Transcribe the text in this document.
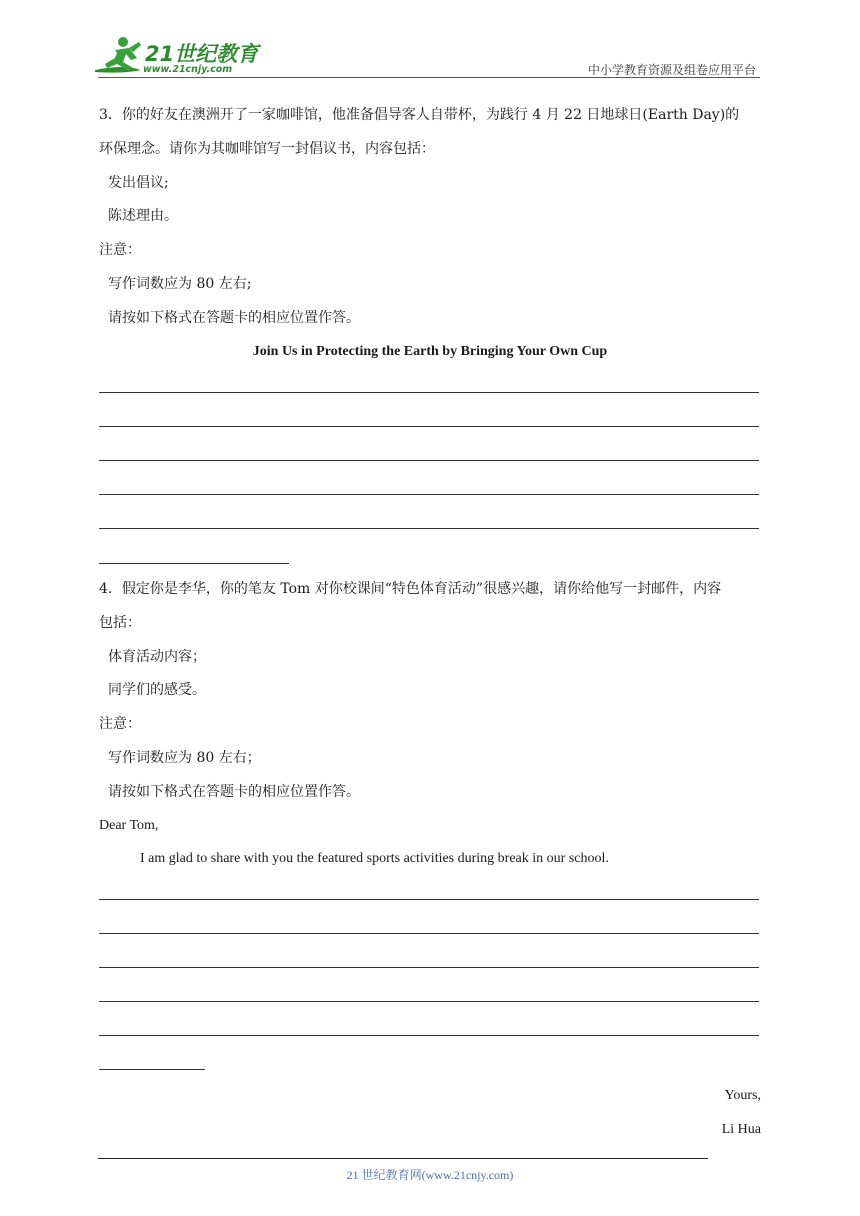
21世纪教育
www.21cnjy.com	中小学教育资源及组卷应用平台
3．你的好友在澳洲开了一家咖啡馆，他准备倡导客人自带杯，为践行 4 月 22 日地球日(Earth Day)的
环保理念。请你为其咖啡馆写一封倡议书，内容包括：
发出倡议;
陈述理由。
注意：
写作词数应为 80 左右;
请按如下格式在答题卡的相应位置作答。
Join Us in Protecting the Earth by Bringing Your Own Cup
4．假定你是李华，你的笔友 Tom 对你校课间“特色体育活动”很感兴趣，请你给他写一封邮件，内容
包括：
体育活动内容；
同学们的感受。
注意：
写作词数应为 80 左右；
请按如下格式在答题卡的相应位置作答。
Dear Tom,
I am glad to share with you the featured sports activities during break in our school.
Yours,
Li Hua
21 世纪教育网(www.21cnjy.com)
